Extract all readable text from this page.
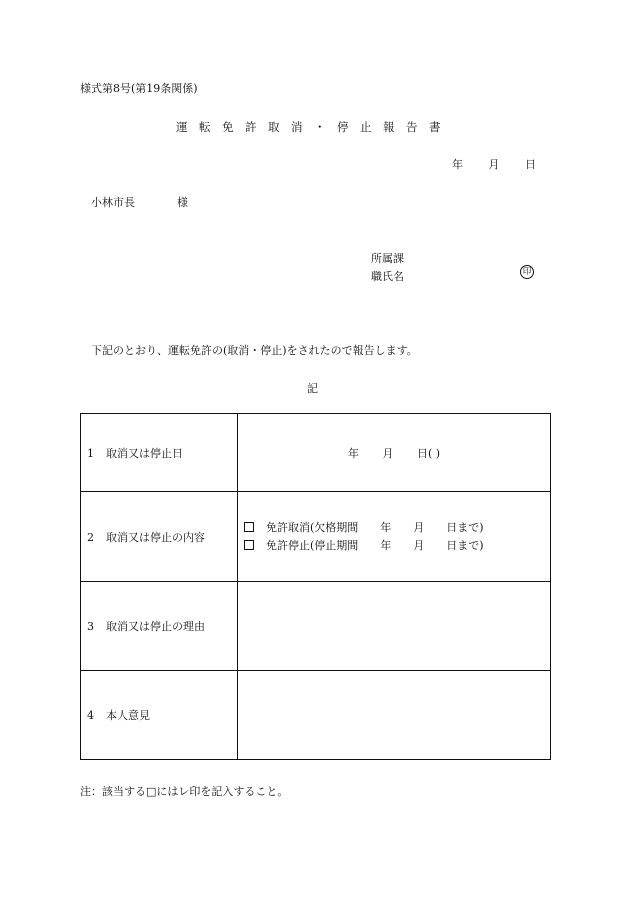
様式第8号(第19条関係)
運転免許取消・停止報告書
年 月 日
小林市長	様
所属課
職氏名	印
下記のとおり、運転免許の(取消・停止)をされたので報告します。
記
1 取消又は停止日	年 月 日( )
2 取消又は停止の内容	免許取消(欠格期間 年 月 日まで)
免許停止(停止期間 年 月 日まで)

3 取消又は停止の理由	
4 本人意見	
注：該当する□にはレ印を記入すること。
